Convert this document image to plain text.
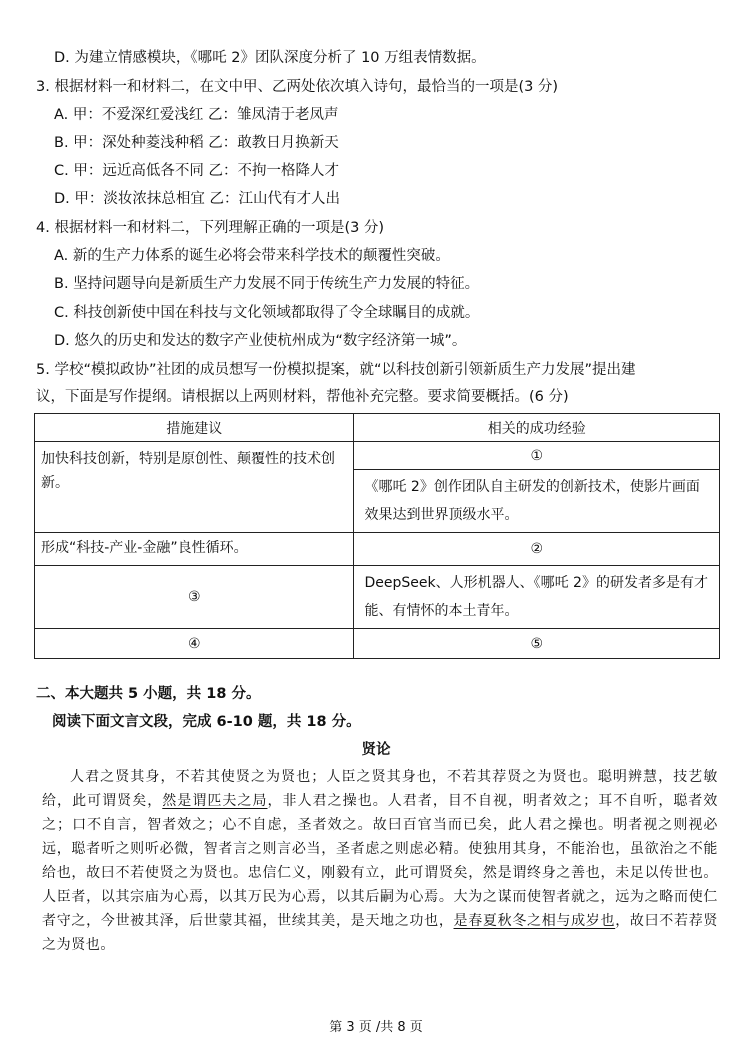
D. 为建立情感模块，《哪吒 2》团队深度分析了 10 万组表情数据。
3. 根据材料一和材料二，在文中甲、乙两处依次填入诗句，最恰当的一项是(3 分)
A. 甲：不爱深红爱浅红 乙：雏凤清于老凤声
B. 甲：深处种菱浅种稻 乙：敢教日月换新天
C. 甲：远近高低各不同 乙：不拘一格降人才
D. 甲：淡妆浓抹总相宜 乙：江山代有才人出
4. 根据材料一和材料二，下列理解正确的一项是(3 分)
A. 新的生产力体系的诞生必将会带来科学技术的颠覆性突破。
B. 坚持问题导向是新质生产力发展不同于传统生产力发展的特征。
C. 科技创新使中国在科技与文化领域都取得了令全球瞩目的成就。
D. 悠久的历史和发达的数字产业使杭州成为“数字经济第一城”。
5. 学校“模拟政协”社团的成员想写一份模拟提案，就“以科技创新引领新质生产力发展”提出建
议，下面是写作提纲。请根据以上两则材料，帮他补充完整。要求简要概括。(6 分)
措施建议	相关的成功经验
加快科技创新，特别是原创性、颠覆性的技术创新。	①
	《哪吒 2》创作团队自主研发的创新技术，使影片画面效果达到世界顶级水平。
形成“科技-产业-金融”良性循环。	②
③	DeepSeek、人形机器人、《哪吒 2》的研发者多是有才能、有情怀的本土青年。
④	⑤
二、本大题共 5 小题，共 18 分。
阅读下面文言文段，完成 6-10 题，共 18 分。
贤论
人君之贤其身，不若其使贤之为贤也；人臣之贤其身也，不若其荐贤之为贤也。聪明辨慧，技艺敏给，此可谓贤矣，然是谓匹夫之局，非人君之操也。人君者，目不自视，明者效之；耳不自听，聪者效之；口不自言，智者效之；心不自虑，圣者效之。故曰百官当而已矣，此人君之操也。明者视之则视必远，聪者听之则听必微，智者言之则言必当，圣者虑之则虑必精。使独用其身，不能治也，虽欲治之不能给也，故曰不若使贤之为贤也。忠信仁义，刚毅有立，此可谓贤矣，然是谓终身之善也，未足以传世也。人臣者，以其宗庙为心焉，以其万民为心焉，以其后嗣为心焉。大为之谋而使智者就之，远为之略而使仁者守之，今世被其泽，后世蒙其福，世续其美，是天地之功也，是春夏秋冬之相与成岁也，故曰不若荐贤之为贤也。
第 3 页 /共 8 页
